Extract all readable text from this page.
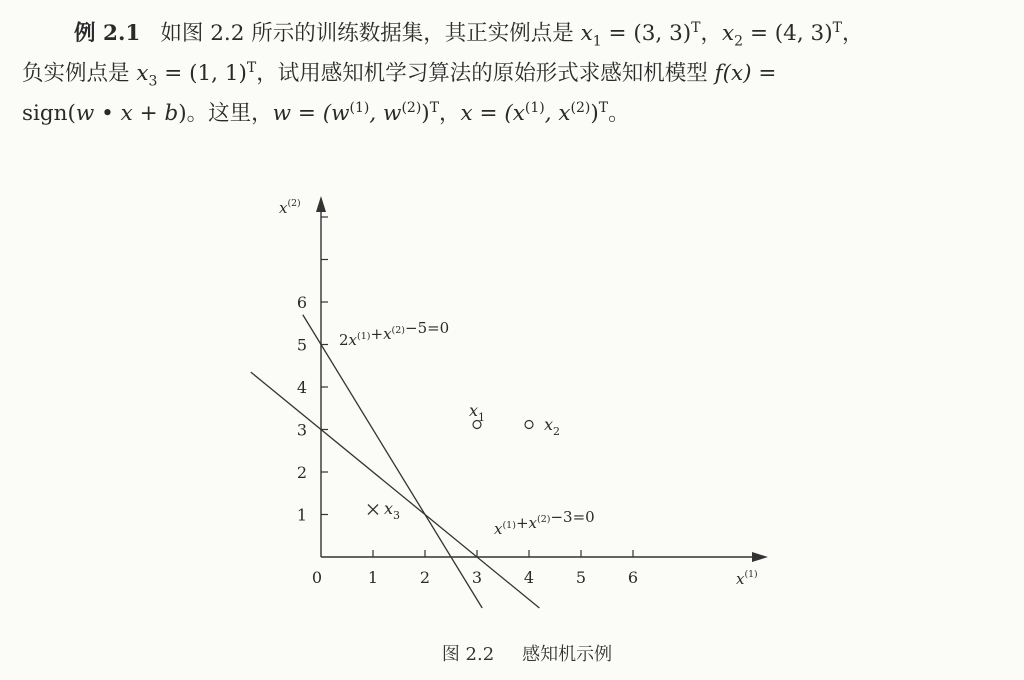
例 2.1 如图 2.2 所示的训练数据集，其正实例点是 $x_1 = (3$, 3)$^T$，$x_2 = (4$, 3)$^T$，
负实例点是 $x_3 = (1$, 1)$^T$，试用感知机学习算法的原始形式求感知机模型 f(x) =
sign(w • x + b)。这里，$w = (w^{(1)}$, $w^{(2)})^T$，$x = (x^{(1)}$, $x^{(2)})^T$。
0	1	2	3	4	5	6
1
2
3
4
5
6
$x^{(1)}$
$x^{(2)}$
$2x^{(1)}+x^{(2)}-5=0$
$x^{(1)}+x^{(2)}-3=0$
$x_1$	$x_2$
$x_3$
图 2.2 感知机示例
